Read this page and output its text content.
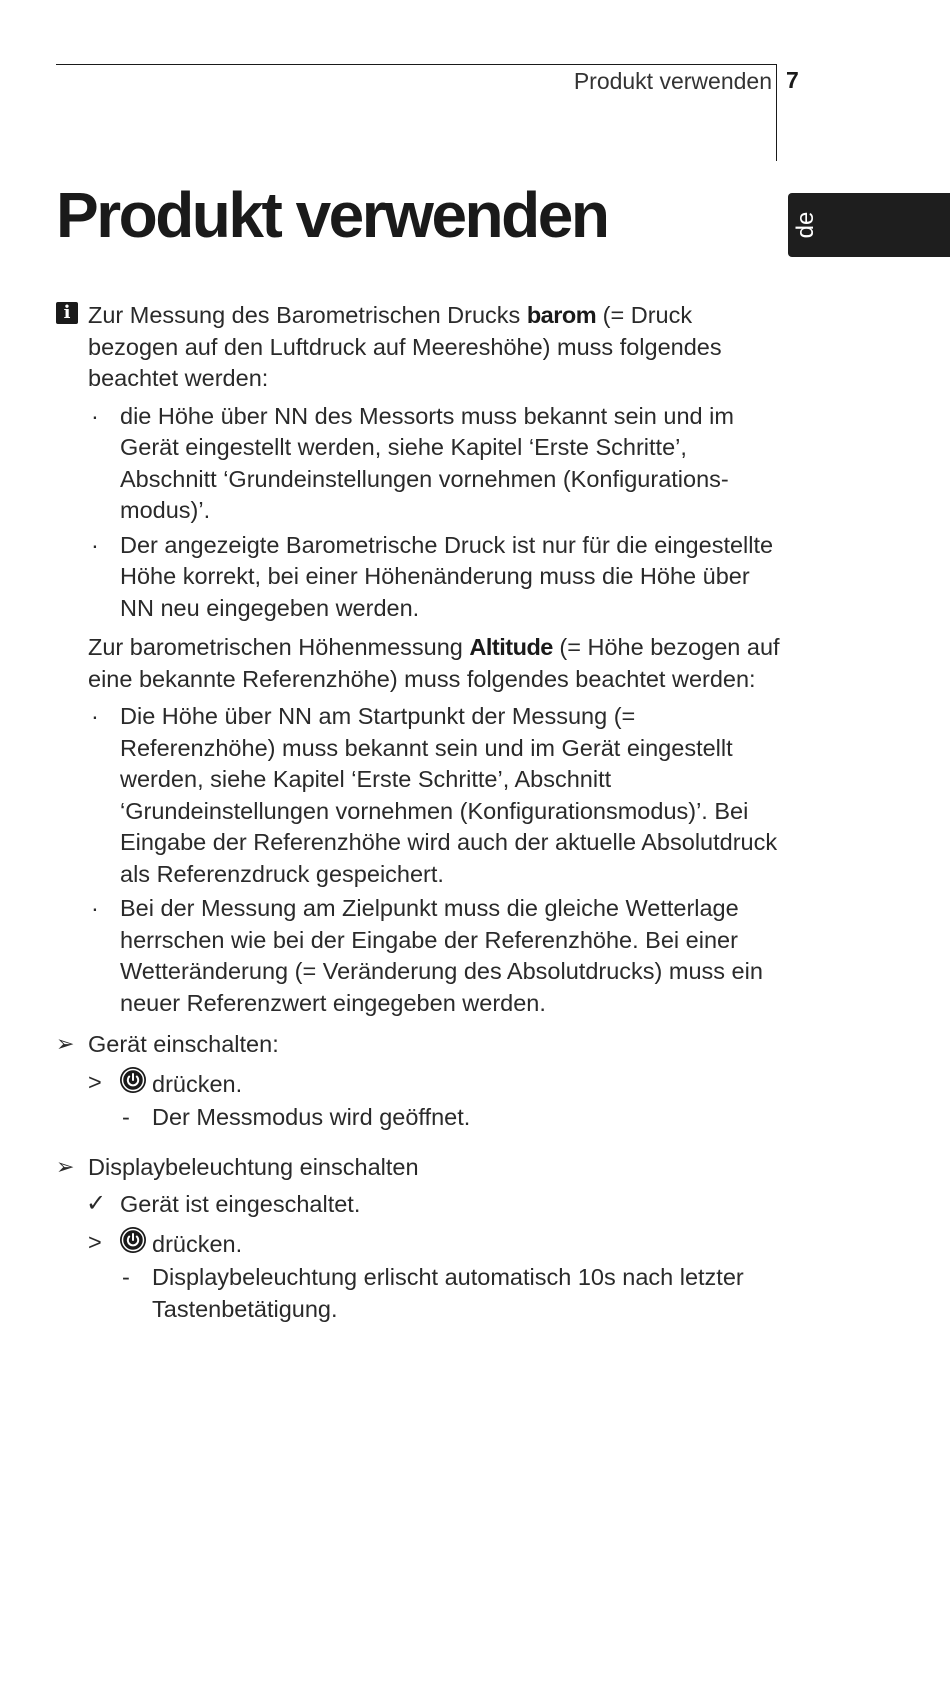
Produkt verwenden 7
de
Produkt verwenden

i Zur Messung des Barometrischen Drucks barom (= Druck bezogen auf den Luftdruck auf Meereshöhe) muss folgendes beachtet werden:

· die Höhe über NN des Messorts muss bekannt sein und im Gerät eingestellt werden, siehe Kapitel ‘Erste Schritte’, Abschnitt ‘Grundeinstellungen vornehmen (Konfigurations-modus)’.
· Der angezeigte Barometrische Druck ist nur für die eingestellte Höhe korrekt, bei einer Höhenänderung muss die Höhe über NN neu eingegeben werden.

Zur barometrischen Höhenmessung Altitude (= Höhe bezogen auf eine bekannte Referenzhöhe) muss folgendes beachtet werden:

· Die Höhe über NN am Startpunkt der Messung (= Referenzhöhe) muss bekannt sein und im Gerät eingestellt werden, siehe Kapitel ‘Erste Schritte’, Abschnitt ‘Grundeinstellungen vornehmen (Konfigurationsmodus)’. Bei Eingabe der Referenzhöhe wird auch der aktuelle Absolutdruck als Referenzdruck gespeichert.
· Bei der Messung am Zielpunkt muss die gleiche Wetterlage herrschen wie bei der Eingabe der Referenzhöhe. Bei einer Wetteränderung (= Veränderung des Absolutdrucks) muss ein neuer Referenzwert eingegeben werden.
➢ Gerät einschalten:
> drücken.
- Der Messmodus wird geöffnet.
➢ Displaybeleuchtung einschalten
✓ Gerät ist eingeschaltet.
> drücken.
- Displaybeleuchtung erlischt automatisch 10s nach letzter Tastenbetätigung.
